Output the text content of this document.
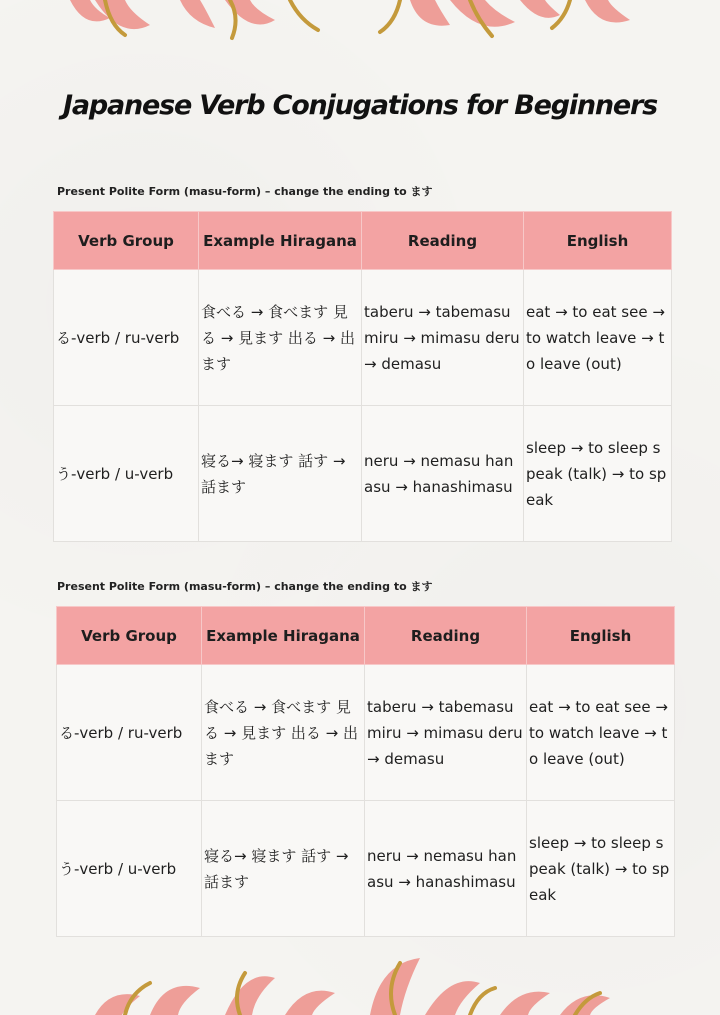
Japanese Verb Conjugations for Beginners
Present Polite Form (masu-form) – change the ending to ます
Verb Group	Example Hiragana	Reading	English
る-verb / ru-verb	食べる → 食べます 見る → 見ます 出る → 出ます	taberu → tabemasu miru → mimasu deru → demasu	eat → to eat see → to watch leave → to leave (out)
う-verb / u-verb	寝る→ 寝ます 話す → 話ます	neru → nemasu hanasu → hanashimasu	sleep → to sleep speak (talk) → to speak
Present Polite Form (masu-form) – change the ending to ます
Verb Group	Example Hiragana	Reading	English
る-verb / ru-verb	食べる → 食べます 見る → 見ます 出る → 出ます	taberu → tabemasu miru → mimasu deru → demasu	eat → to eat see → to watch leave → to leave (out)
う-verb / u-verb	寝る→ 寝ます 話す → 話ます	neru → nemasu hanasu → hanashimasu	sleep → to sleep speak (talk) → to speak
